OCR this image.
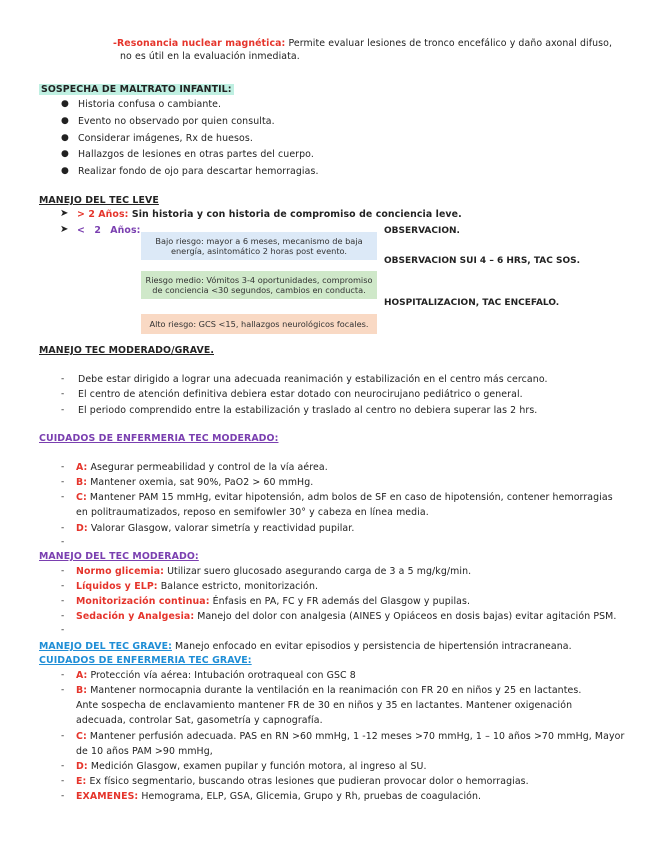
-Resonancia nuclear magnética: Permite evaluar lesiones de tronco encefálico y daño axonal difuso,
no es útil en la evaluación inmediata.
SOSPECHA DE MALTRATO INFANTIL:
● Historia confusa o cambiante.
● Evento no observado por quien consulta.
● Considerar imágenes, Rx de huesos.
● Hallazgos de lesiones en otras partes del cuerpo.
● Realizar fondo de ojo para descartar hemorragias.
MANEJO DEL TEC LEVE
➤ > 2 Años: Sin historia y con historia de compromiso de conciencia leve.
➤ < 2 Años:
Bajo riesgo: mayor a 6 meses, mecanismo de baja energía, asintomático 2 horas post evento.
Riesgo medio: Vómitos 3-4 oportunidades, compromiso de conciencia <30 segundos, cambios en conducta.
Alto riesgo: GCS <15, hallazgos neurológicos focales.
OBSERVACION.
OBSERVACION SUI 4 – 6 HRS, TAC SOS.
HOSPITALIZACION, TAC ENCEFALO.
MANEJO TEC MODERADO/GRAVE.
- Debe estar dirigido a lograr una adecuada reanimación y estabilización en el centro más cercano.
- El centro de atención definitiva debiera estar dotado con neurocirujano pediátrico o general.
- El periodo comprendido entre la estabilización y traslado al centro no debiera superar las 2 hrs.
CUIDADOS DE ENFERMERIA TEC MODERADO:
- A: Asegurar permeabilidad y control de la vía aérea.
- B: Mantener oxemia, sat 90%, PaO2 > 60 mmHg.
- C: Mantener PAM 15 mmHg, evitar hipotensión, adm bolos de SF en caso de hipotensión, contener hemorragias
en politraumatizados, reposo en semifowler 30° y cabeza en línea media.
- D: Valorar Glasgow, valorar simetría y reactividad pupilar.
-
MANEJO DEL TEC MODERADO:
- Normo glicemia: Utilizar suero glucosado asegurando carga de 3 a 5 mg/kg/min.
- Líquidos y ELP: Balance estricto, monitorización.
- Monitorización continua: Énfasis en PA, FC y FR además del Glasgow y pupilas.
- Sedación y Analgesia: Manejo del dolor con analgesia (AINES y Opiáceos en dosis bajas) evitar agitación PSM.
-
MANEJO DEL TEC GRAVE: Manejo enfocado en evitar episodios y persistencia de hipertensión intracraneana.
CUIDADOS DE ENFERMERIA TEC GRAVE:
- A: Protección vía aérea: Intubación orotraqueal con GSC 8
- B: Mantener normocapnia durante la ventilación en la reanimación con FR 20 en niños y 25 en lactantes.
Ante sospecha de enclavamiento mantener FR de 30 en niños y 35 en lactantes. Mantener oxigenación
adecuada, controlar Sat, gasometría y capnografía.
- C: Mantener perfusión adecuada. PAS en RN >60 mmHg, 1 -12 meses >70 mmHg, 1 – 10 años >70 mmHg, Mayor
de 10 años PAM >90 mmHg,
- D: Medición Glasgow, examen pupilar y función motora, al ingreso al SU.
- E: Ex físico segmentario, buscando otras lesiones que pudieran provocar dolor o hemorragias.
- EXAMENES: Hemograma, ELP, GSA, Glicemia, Grupo y Rh, pruebas de coagulación.
